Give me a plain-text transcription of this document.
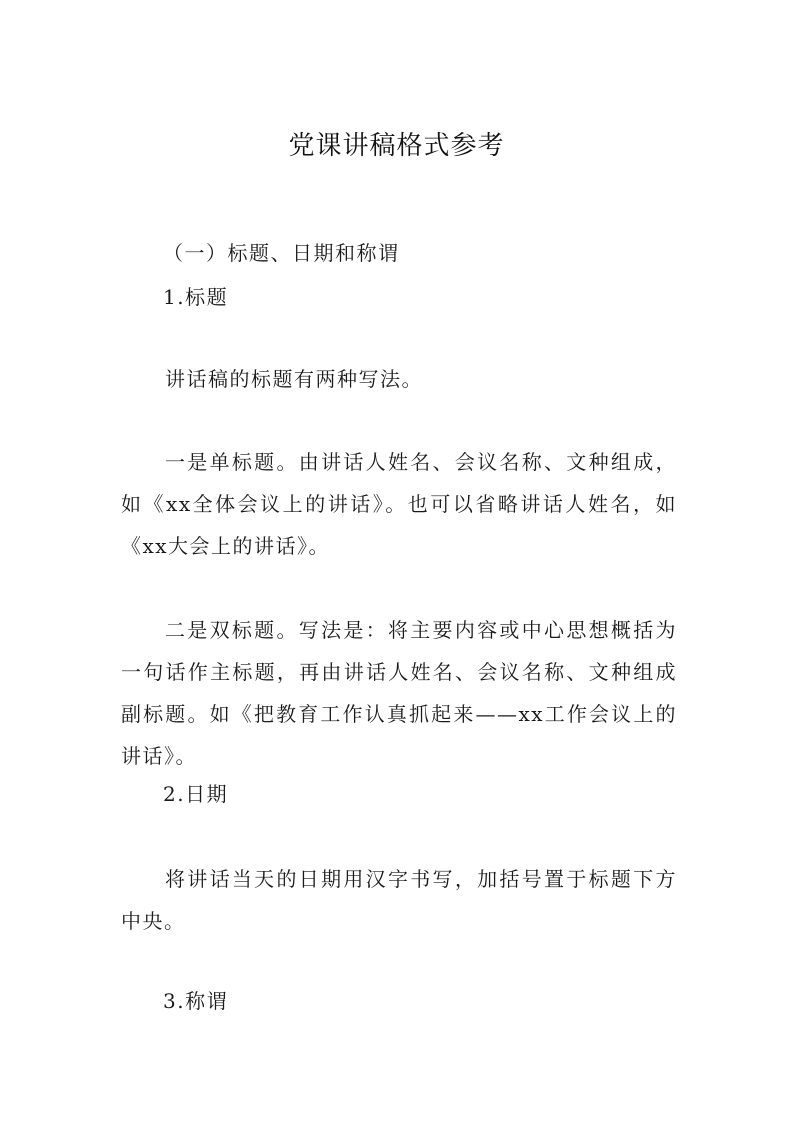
党课讲稿格式参考
（一）标题、日期和称谓
1.标题
讲话稿的标题有两种写法。
一是单标题。由讲话人姓名、会议名称、文种组成，如《xx全体会议上的讲话》。也可以省略讲话人姓名，如《xx大会上的讲话》。
二是双标题。写法是：将主要内容或中心思想概括为一句话作主标题，再由讲话人姓名、会议名称、文种组成副标题。如《把教育工作认真抓起来——xx工作会议上的讲话》。
2.日期
将讲话当天的日期用汉字书写，加括号置于标题下方中央。
3.称谓
